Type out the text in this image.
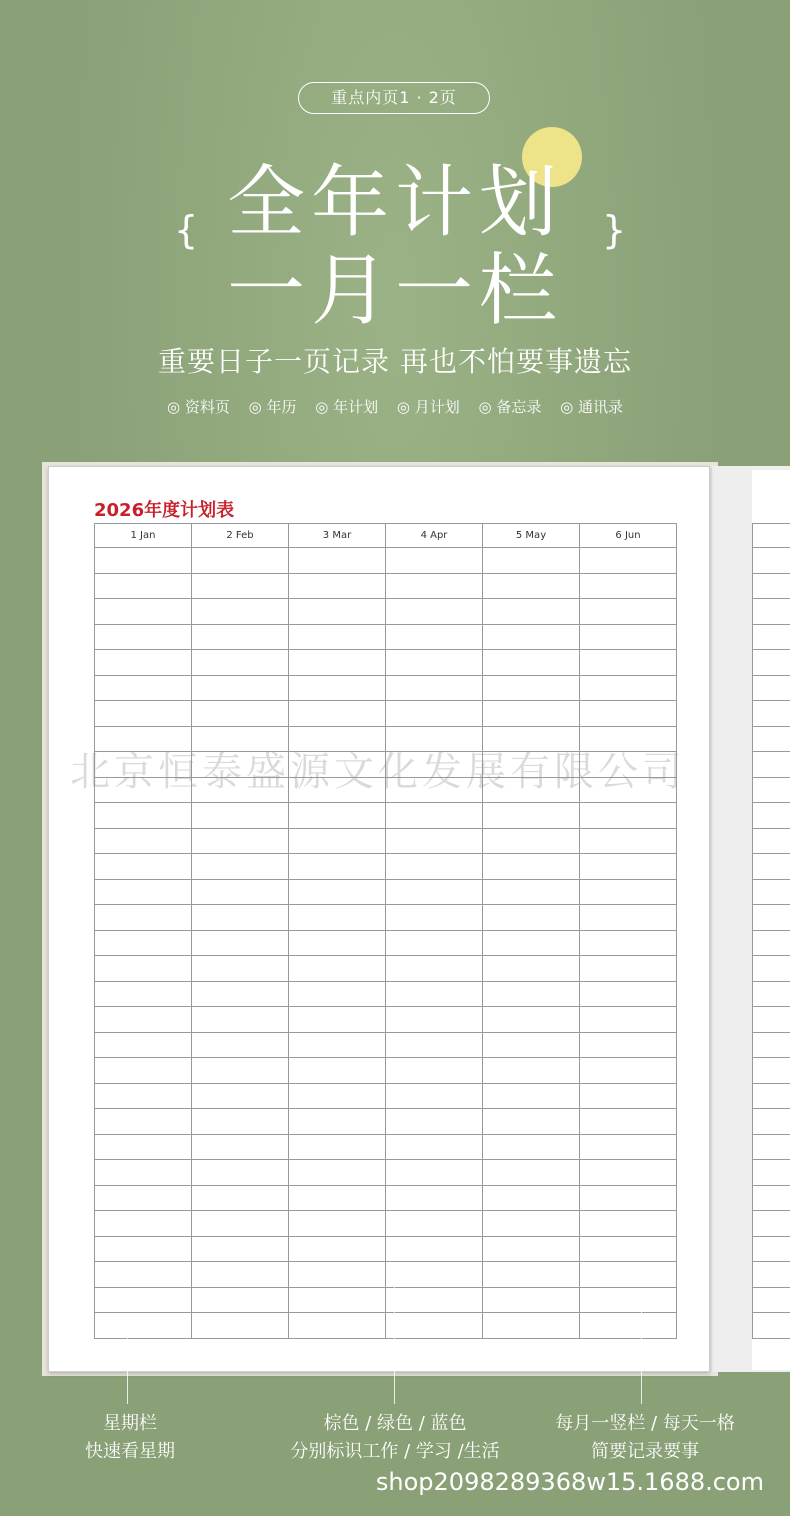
重点内页1 · 2页
全年计划
一月一栏
{	}
重要日子一页记录 再也不怕要事遗忘
◎ 资料页 ◎ 年历 ◎ 年计划 ◎ 月计划 ◎ 备忘录 ◎ 通讯录
2026年度计划表
1 Jan	2 Feb	3 Mar	4 Apr	5 May	6 Jun

北京恒泰盛源文化发展有限公司
星期栏
快速看星期
棕色 / 绿色 / 蓝色
分别标识工作 / 学习 /生活
每月一竖栏 / 每天一格
简要记录要事
shop2098289368w15.1688.com
